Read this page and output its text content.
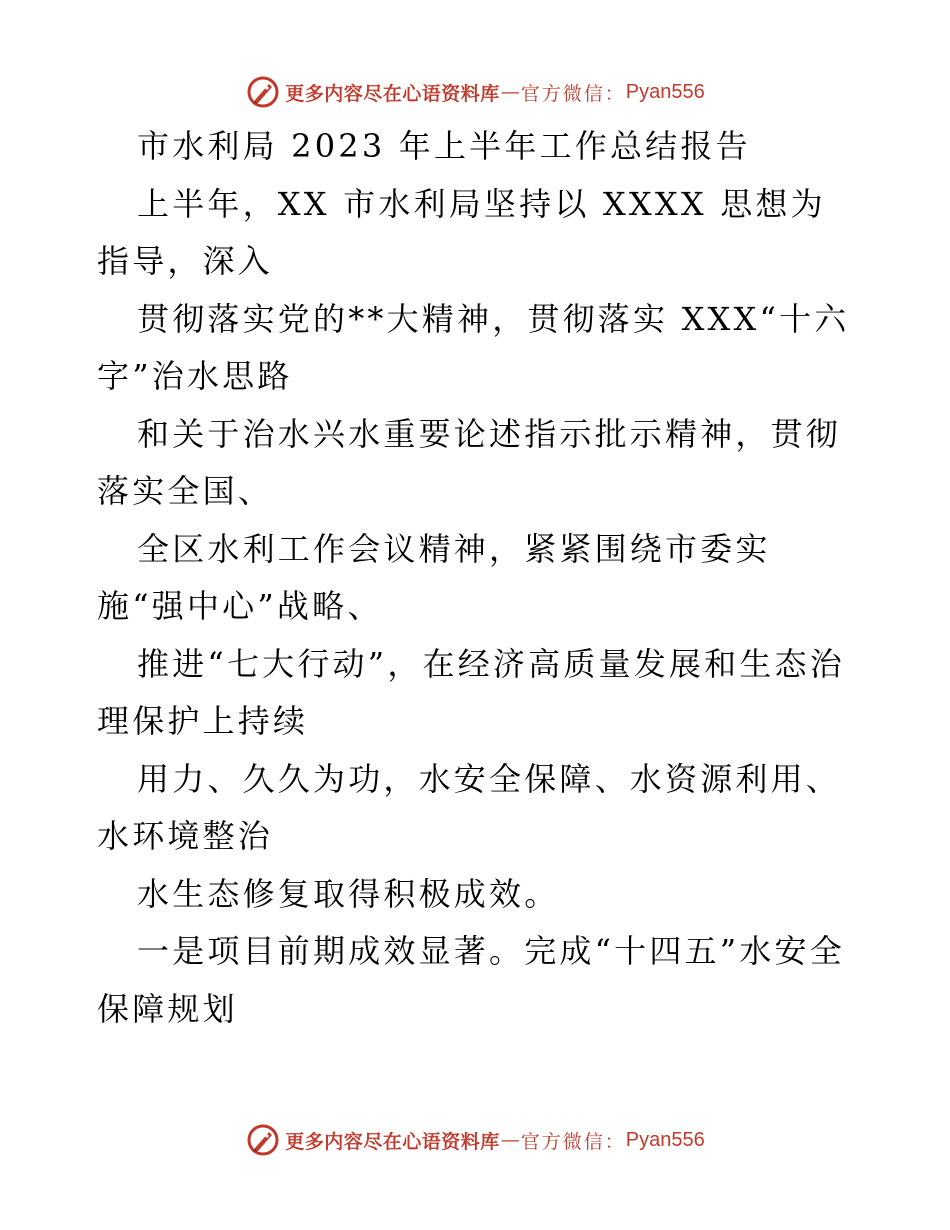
更多内容尽在心语资料库 — 官方微信： Pyan556

市水利局 2023 年上半年工作总结报告

上半年，XX 市水利局坚持以 XXXX 思想为指导，深入

贯彻落实党的**大精神，贯彻落实 XXX“十六字”治水思路

和关于治水兴水重要论述指示批示精神，贯彻落实全国、

全区水利工作会议精神，紧紧围绕市委实施“强中心”战略、

推进“七大行动”，在经济高质量发展和生态治理保护上持续

用力、久久为功，水安全保障、水资源利用、水环境整治

水生态修复取得积极成效。

一是项目前期成效显著。完成“十四五”水安全保障规划

更多内容尽在心语资料库 — 官方微信： Pyan556
